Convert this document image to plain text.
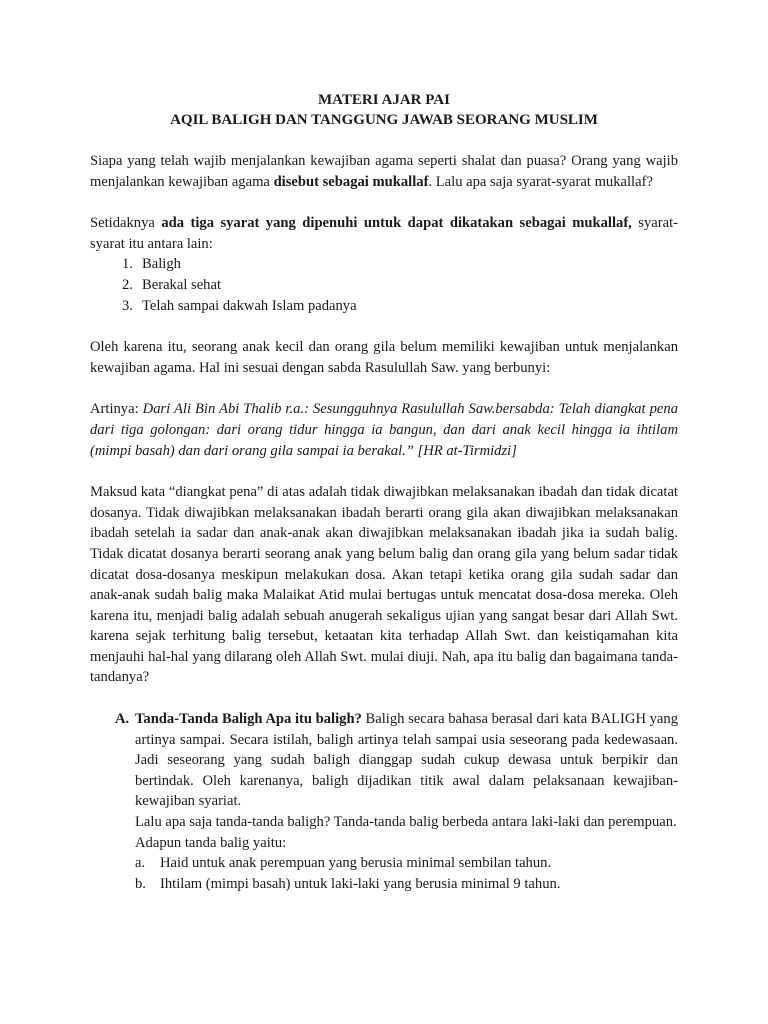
MATERI AJAR PAI

AQIL BALIGH DAN TANGGUNG JAWAB SEORANG MUSLIM

Siapa yang telah wajib menjalankan kewajiban agama seperti shalat dan puasa? Orang yang wajib menjalankan kewajiban agama disebut sebagai mukallaf. Lalu apa saja syarat-syarat mukallaf?

Setidaknya ada tiga syarat yang dipenuhi untuk dapat dikatakan sebagai mukallaf, syarat-syarat itu antara lain:

1. Baligh
2. Berakal sehat
3. Telah sampai dakwah Islam padanya

Oleh karena itu, seorang anak kecil dan orang gila belum memiliki kewajiban untuk menjalankan kewajiban agama. Hal ini sesuai dengan sabda Rasulullah Saw. yang berbunyi:

Artinya: Dari Ali Bin Abi Thalib r.a.: Sesungguhnya Rasulullah Saw.bersabda: Telah diangkat pena dari tiga golongan: dari orang tidur hingga ia bangun, dan dari anak kecil hingga ia ihtilam (mimpi basah) dan dari orang gila sampai ia berakal.” [HR at-Tirmidzi]

Maksud kata “diangkat pena” di atas adalah tidak diwajibkan melaksanakan ibadah dan tidak dicatat dosanya. Tidak diwajibkan melaksanakan ibadah berarti orang gila akan diwajibkan melaksanakan ibadah setelah ia sadar dan anak-anak akan diwajibkan melaksanakan ibadah jika ia sudah balig. Tidak dicatat dosanya berarti seorang anak yang belum balig dan orang gila yang belum sadar tidak dicatat dosa-dosanya meskipun melakukan dosa. Akan tetapi ketika orang gila sudah sadar dan anak-anak sudah balig maka Malaikat Atid mulai bertugas untuk mencatat dosa-dosa mereka. Oleh karena itu, menjadi balig adalah sebuah anugerah sekaligus ujian yang sangat besar dari Allah Swt. karena sejak terhitung balig tersebut, ketaatan kita terhadap Allah Swt. dan keistiqamahan kita menjauhi hal-hal yang dilarang oleh Allah Swt. mulai diuji. Nah, apa itu balig dan bagaimana tanda-tandanya?

A. Tanda-Tanda Baligh Apa itu baligh? Baligh secara bahasa berasal dari kata BALIGH yang artinya sampai. Secara istilah, baligh artinya telah sampai usia seseorang pada kedewasaan. Jadi seseorang yang sudah baligh dianggap sudah cukup dewasa untuk berpikir dan bertindak. Oleh karenanya, baligh dijadikan titik awal dalam pelaksanaan kewajiban-kewajiban syariat.

Lalu apa saja tanda-tanda baligh? Tanda-tanda balig berbeda antara laki-laki dan perempuan.

Adapun tanda balig yaitu:

a.	Haid untuk anak perempuan yang berusia minimal sembilan tahun.
b. Ihtilam (mimpi basah) untuk laki-laki yang berusia minimal 9 tahun.
